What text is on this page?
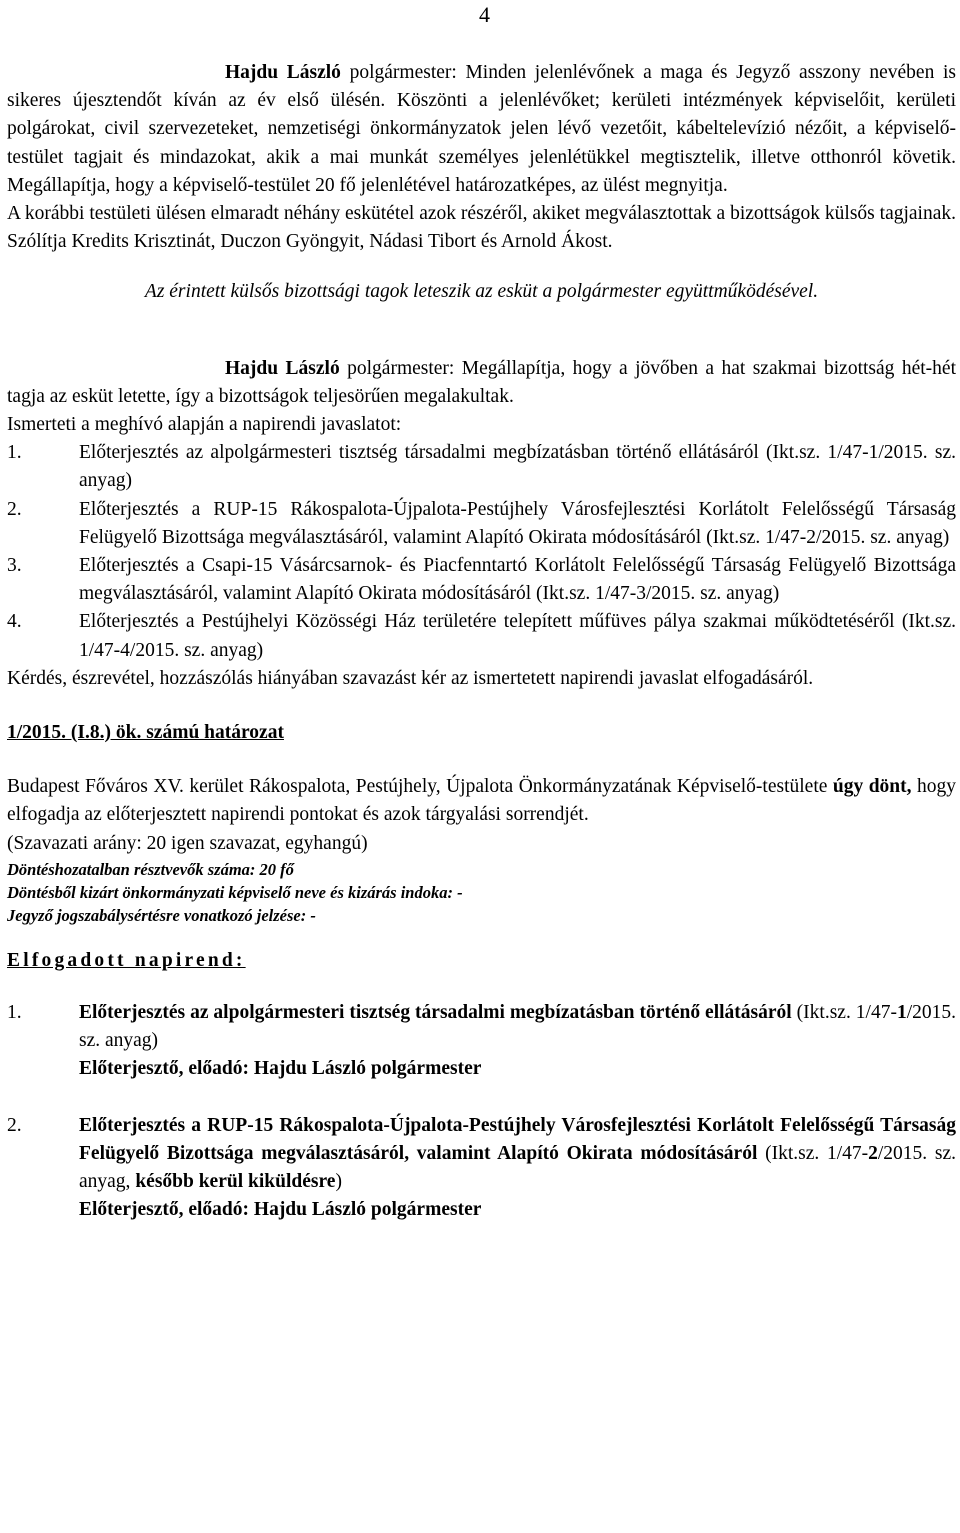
4

Hajdu László polgármester: Minden jelenlévőnek a maga és Jegyző asszony nevében is sikeres újesztendőt kíván az év első ülésén. Köszönti a jelenlévőket; kerületi intézmények képviselőit, kerületi polgárokat, civil szervezeteket, nemzetiségi önkormányzatok jelen lévő vezetőit, kábeltelevízió nézőit, a képviselő-testület tagjait és mindazokat, akik a mai munkát személyes jelenlétükkel megtisztelik, illetve otthonról követik. Megállapítja, hogy a képviselő-testület 20 fő jelenlétével határozatképes, az ülést megnyitja.

A korábbi testületi ülésen elmaradt néhány eskütétel azok részéről, akiket megválasztottak a bizottságok külsős tagjainak. Szólítja Kredits Krisztinát, Duczon Gyöngyit, Nádasi Tibort és Arnold Ákost.

Az érintett külsős bizottsági tagok leteszik az esküt a polgármester együttműködésével.

Hajdu László polgármester: Megállapítja, hogy a jövőben a hat szakmai bizottság hét-hét tagja az esküt letette, így a bizottságok teljesörűen megalakultak.

Ismerteti a meghívó alapján a napirendi javaslatot:

1.	Előterjesztés az alpolgármesteri tisztség társadalmi megbízatásban történő ellátásáról (Ikt.sz. 1/47-1/2015. sz. anyag)
2.	Előterjesztés a RUP-15 Rákospalota-Újpalota-Pestújhely Városfejlesztési Korlátolt Felelősségű Társaság Felügyelő Bizottsága megválasztásáról, valamint Alapító Okirata módosításáról (Ikt.sz. 1/47-2/2015. sz. anyag)
3.	Előterjesztés a Csapi-15 Vásárcsarnok- és Piacfenntartó Korlátolt Felelősségű Társaság Felügyelő Bizottsága megválasztásáról, valamint Alapító Okirata módosításáról (Ikt.sz. 1/47-3/2015. sz. anyag)
4.	Előterjesztés a Pestújhelyi Közösségi Ház területére telepített műfüves pálya szakmai működtetéséről (Ikt.sz. 1/47-4/2015. sz. anyag)

Kérdés, észrevétel, hozzászólás hiányában szavazást kér az ismertetett napirendi javaslat elfogadásáról.

1/2015. (I.8.) ök. számú határozat

Budapest Főváros XV. kerület Rákospalota, Pestújhely, Újpalota Önkormányzatának Képviselő-testülete úgy dönt, hogy elfogadja az előterjesztett napirendi pontokat és azok tárgyalási sorrendjét.

(Szavazati arány: 20 igen szavazat, egyhangú)

Döntéshozatalban résztvevők száma: 20 fő

Döntésből kizárt önkormányzati képviselő neve és kizárás indoka: -

Jegyző jogszabálysértésre vonatkozó jelzése: -

Elfogadott napirend:

1.	Előterjesztés az alpolgármesteri tisztség társadalmi megbízatásban történő ellátásáról (Ikt.sz. 1/47-1/2015. sz. anyag)
Előterjesztő, előadó: Hajdu László polgármester
2.	Előterjesztés a RUP-15 Rákospalota-Újpalota-Pestújhely Városfejlesztési Korlátolt Felelősségű Társaság Felügyelő Bizottsága megválasztásáról, valamint Alapító Okirata módosításáról (Ikt.sz. 1/47-2/2015. sz. anyag, később kerül kiküldésre)
Előterjesztő, előadó: Hajdu László polgármester
